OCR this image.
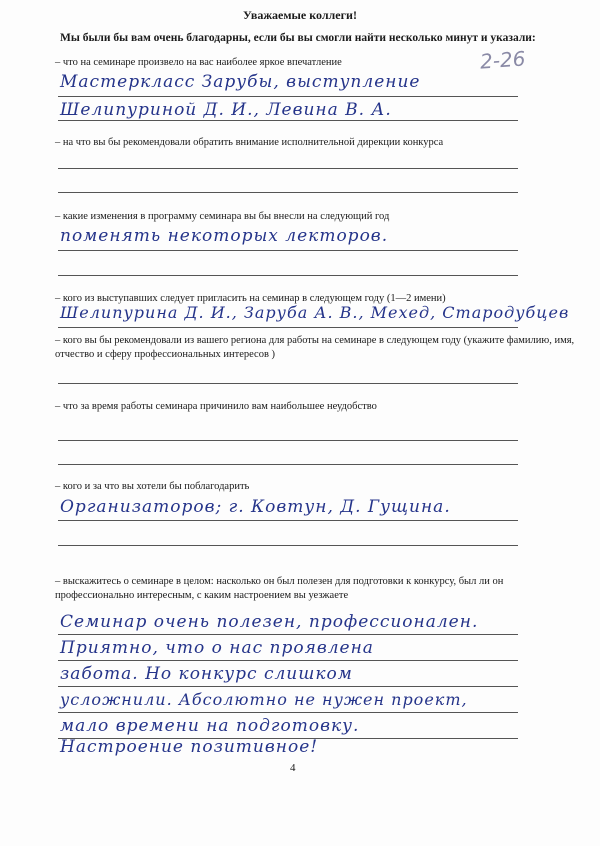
Уважаемые коллеги!
Мы были бы вам очень благодарны, если бы вы смогли найти несколько минут и указали:
2-26
– что на семинаре произвело на вас наиболее яркое впечатление
Мастеркласс Зарубы, выступление
Шелипуриной Д. И., Левина В. А.
– на что вы бы рекомендовали обратить внимание исполнительной дирекции конкурса
– какие изменения в программу семинара вы бы внесли на следующий год
поменять некоторых лекторов.
– кого из выступавших следует пригласить на семинар в следующем году (1—2 имени)
Шелипурина Д. И., Заруба А. В., Мехед, Стародубцев
– кого вы бы рекомендовали из вашего региона для работы на семинаре в следующем году (укажите фамилию, имя, отчество и сферу профессиональных интересов )
– что за время работы семинара причинило вам наибольшее неудобство
– кого и за что вы хотели бы поблагодарить
Организаторов; г. Ковтун, Д. Гущина.
– выскажитесь о семинаре в целом: насколько он был полезен для подготовки к конкурсу, был ли он профессионально интересным, с каким настроением вы уезжаете
Семинар очень полезен, профессионален.
Приятно, что о нас проявлена
забота. Но конкурс слишком
усложнили. Абсолютно не нужен проект,
мало времени на подготовку.
Настроение позитивное!
4
